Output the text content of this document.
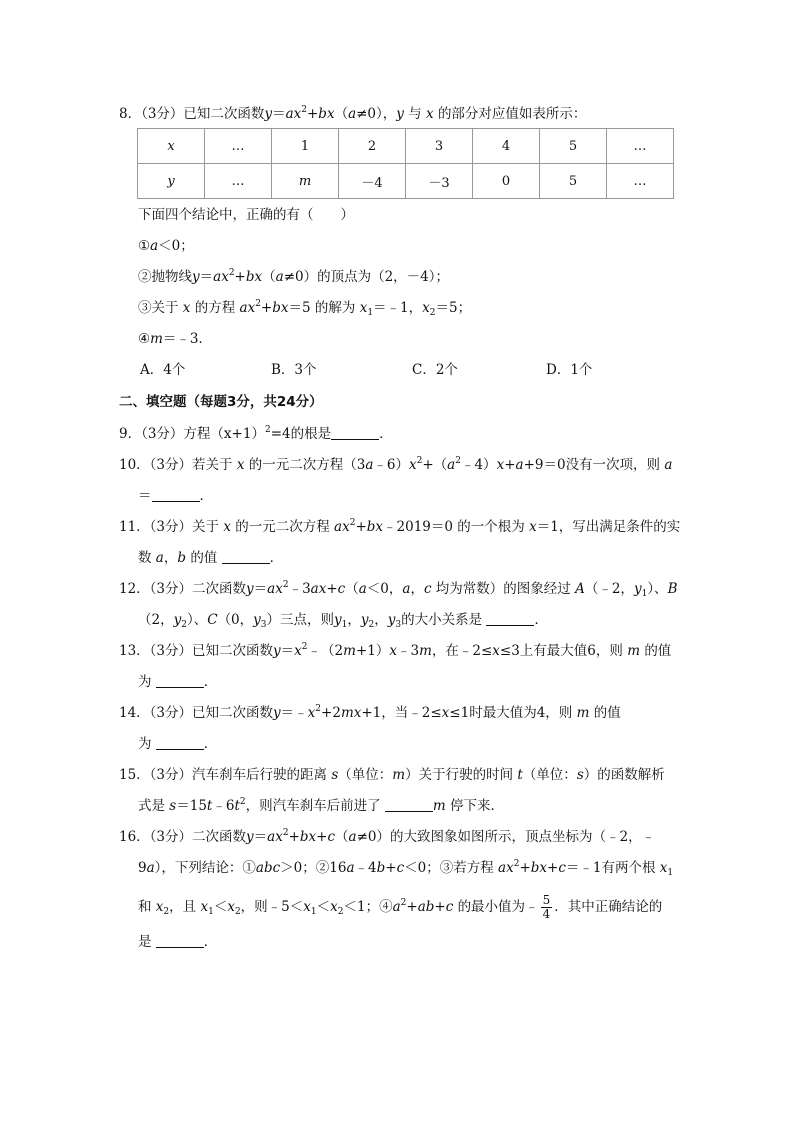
8．（3分）已知二次函数$y=ax^2+bx(a\ne 0)$，y 与 x 的部分对应值如表所示：
x	…	1	2	3	4	5	…
y	…	m	－4	－3	0	5	…
下面四个结论中，正确的有（　　）
①a＜0；
②抛物线$y=ax^2+bx(a\ne 0)$的顶点为（2，－4）；
③关于 x 的方程 $ax^2+bx=5$ 的解为 $x_1=﹣1$，$x_2=5$；
④m＝﹣3．
A．4个	B．3个	C．2个	D．1个
二、填空题（每题3分，共24分）
9．（3分）方程$(x+1)^2=4$的根是	．
10．（3分）若关于 x 的一元二次方程$(3a﹣6)x^2+(a^2﹣4)x+a+9=0$没有一次项，则 a
＝	．
11．（3分）关于 x 的一元二次方程 $ax^2+bx﹣2019=0$ 的一个根为 x＝1，写出满足条件的实
数 a，b 的值	．
12．（3分）二次函数$y=ax^2﹣3ax+c(a<0$，a，c 均为常数）的图象经过 A（﹣2，$y_1$）、B
（2，$y_2$）、C（0，$y_3$）三点，则$y_1$，$y_2$，$y_3$的大小关系是	．
13．（3分）已知二次函数$y=x^2﹣(2m+1)x﹣3m$，在﹣2≤x≤3上有最大值6，则 m 的值
为	．
14．（3分）已知二次函数$y=﹣x^2+2mx+1$，当﹣2≤x≤1时最大值为4，则 m 的值
为	．
15．（3分）汽车刹车后行驶的距离 s（单位：m）关于行驶的时间 t（单位：s）的函数解析
式是 $s=15t﹣6t^2$，则汽车刹车后前进了	m 停下来．
16．（3分）二次函数$y=ax^2+bx+c(a\ne 0)$的大致图象如图所示，顶点坐标为（﹣2，﹣
9a），下列结论：①abc＞0；②16a﹣4b+c＜0；③若方程 $ax^2+bx+c=﹣1$有两个根 $x_1$
和 $x_2$，且 $x_1<x_2$，则$﹣5<x_1<x_2<1$；$④a^2+ab+c$ 的最小值为﹣ $\frac{5}{4}$ ．其中正确结论的
是	．
